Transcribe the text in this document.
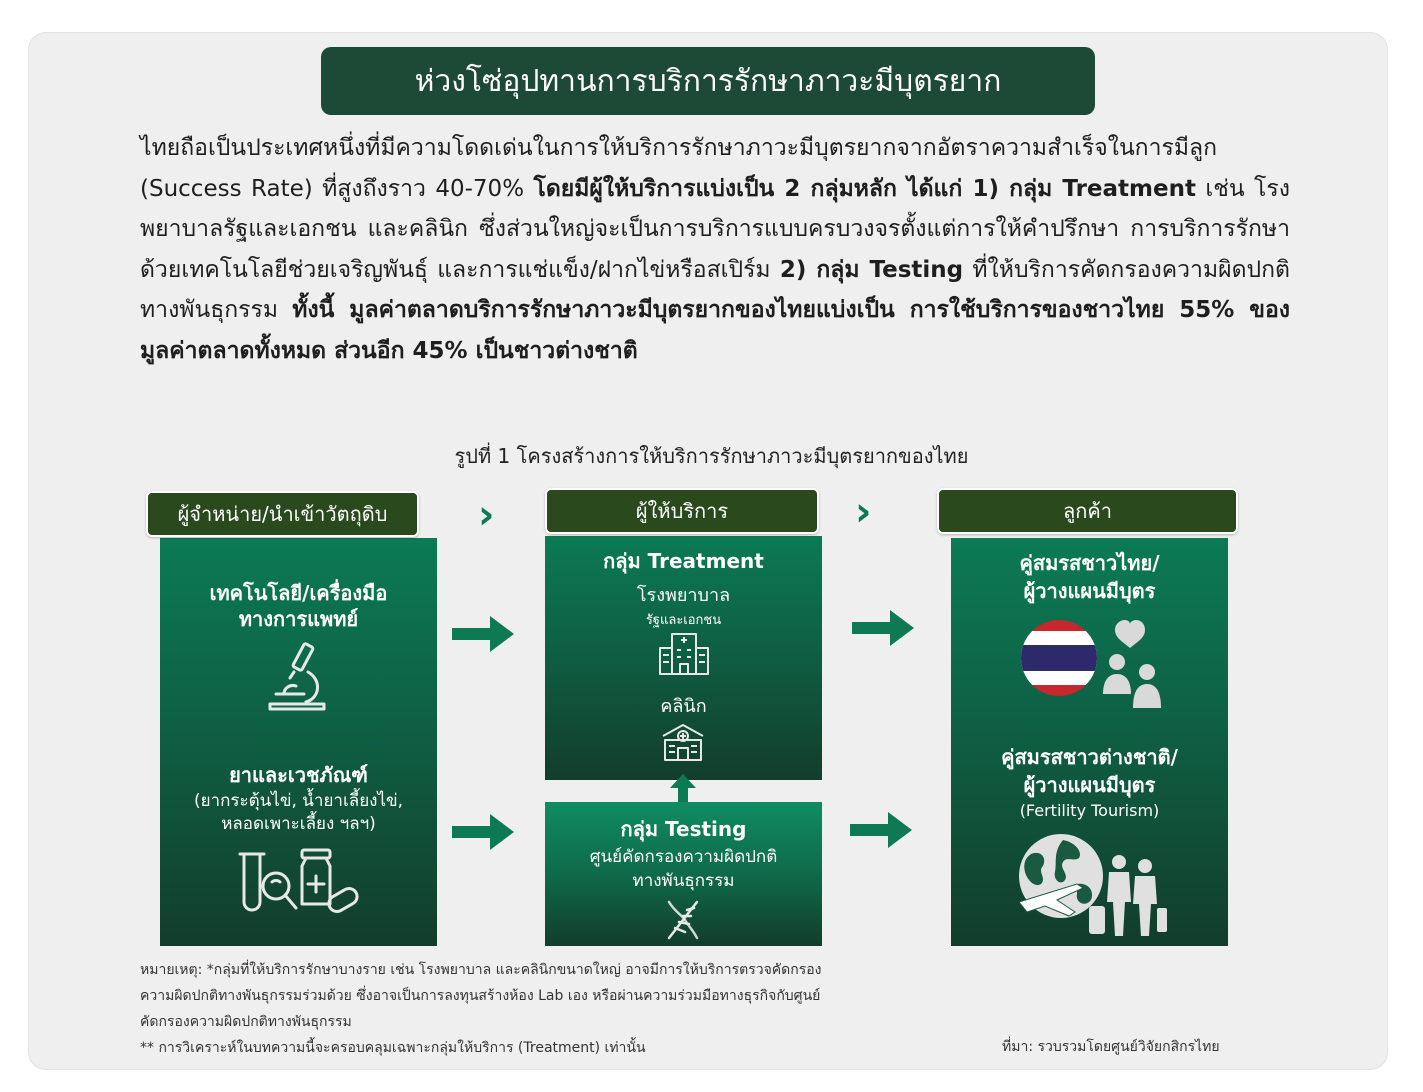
ห่วงโซ่อุปทานการบริการรักษาภาวะมีบุตรยาก
ไทยถือเป็นประเทศหนึ่งที่มีความโดดเด่นในการให้บริการรักษาภาวะมีบุตรยากจากอัตราความสำเร็จในการมีลูก (Success Rate) ที่สูงถึงราว 40-70% โดยมีผู้ให้บริการแบ่งเป็น 2 กลุ่มหลัก ได้แก่ 1) กลุ่ม Treatment เช่น โรงพยาบาลรัฐและเอกชน และคลินิก ซึ่งส่วนใหญ่จะเป็นการบริการแบบครบวงจรตั้งแต่การให้คำปรึกษา การบริการรักษาด้วยเทคโนโลยีช่วยเจริญพันธุ์ และการแช่แข็ง/ฝากไข่หรือสเปิร์ม 2) กลุ่ม Testing ที่ให้บริการคัดกรองความผิดปกติทางพันธุกรรม ทั้งนี้ มูลค่าตลาดบริการรักษาภาวะมีบุตรยากของไทยแบ่งเป็น การใช้บริการของชาวไทย 55% ของมูลค่าตลาดทั้งหมด ส่วนอีก 45% เป็นชาวต่างชาติ
รูปที่ 1 โครงสร้างการให้บริการรักษาภาวะมีบุตรยากของไทย
ผู้จำหน่าย/นำเข้าวัตถุดิบ	ผู้ให้บริการ	ลูกค้า
›	›
เทคโนโลยี/เครื่องมือ
ทางการแพทย์
ยาและเวชภัณฑ์
(ยากระตุ้นไข่, น้ำยาเลี้ยงไข่,
หลอดเพาะเลี้ยง ฯลฯ)
กลุ่ม Treatment
โรงพยาบาล
รัฐและเอกชน
คลินิก
กลุ่ม Testing
ศูนย์คัดกรองความผิดปกติ
ทางพันธุกรรม
คู่สมรสชาวไทย/
ผู้วางแผนมีบุตร
คู่สมรสชาวต่างชาติ/
ผู้วางแผนมีบุตร
(Fertility Tourism)
หมายเหตุ: *กลุ่มที่ให้บริการรักษาบางราย เช่น โรงพยาบาล และคลินิกขนาดใหญ่ อาจมีการให้บริการตรวจคัดกรอง
ความผิดปกติทางพันธุกรรมร่วมด้วย ซึ่งอาจเป็นการลงทุนสร้างห้อง Lab เอง หรือผ่านความร่วมมือทางธุรกิจกับศูนย์
คัดกรองความผิดปกติทางพันธุกรรม
** การวิเคราะห์ในบทความนี้จะครอบคลุมเฉพาะกลุ่มให้บริการ (Treatment) เท่านั้น	ที่มา: รวบรวมโดยศูนย์วิจัยกสิกรไทย
